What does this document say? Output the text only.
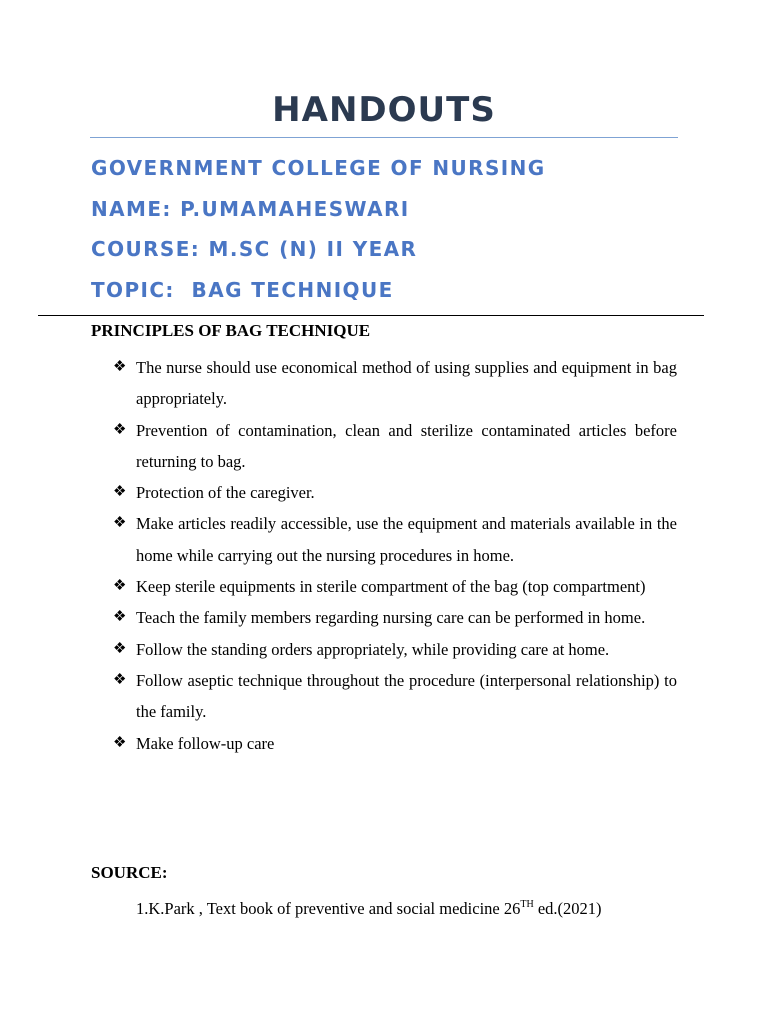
HANDOUTS
GOVERNMENT COLLEGE OF NURSING
NAME: P.UMAMAHESWARI
COURSE: M.SC (N) II YEAR
TOPIC:  BAG TECHNIQUE
PRINCIPLES OF BAG TECHNIQUE
❖ The nurse should use economical method of using supplies and equipment in bag appropriately.
❖ Prevention of contamination, clean and sterilize contaminated articles before returning to bag.
❖ Protection of the caregiver.
❖ Make articles readily accessible, use the equipment and materials available in the home while carrying out the nursing procedures in home.
❖ Keep sterile equipments in sterile compartment of the bag (top compartment)
❖ Teach the family members regarding nursing care can be performed in home.
❖ Follow the standing orders appropriately, while providing care at home.
❖ Follow aseptic technique throughout the procedure (interpersonal relationship) to the family.
❖ Make follow-up care
SOURCE:
1.K.Park , Text book of preventive and social medicine 26TH ed.(2021)
